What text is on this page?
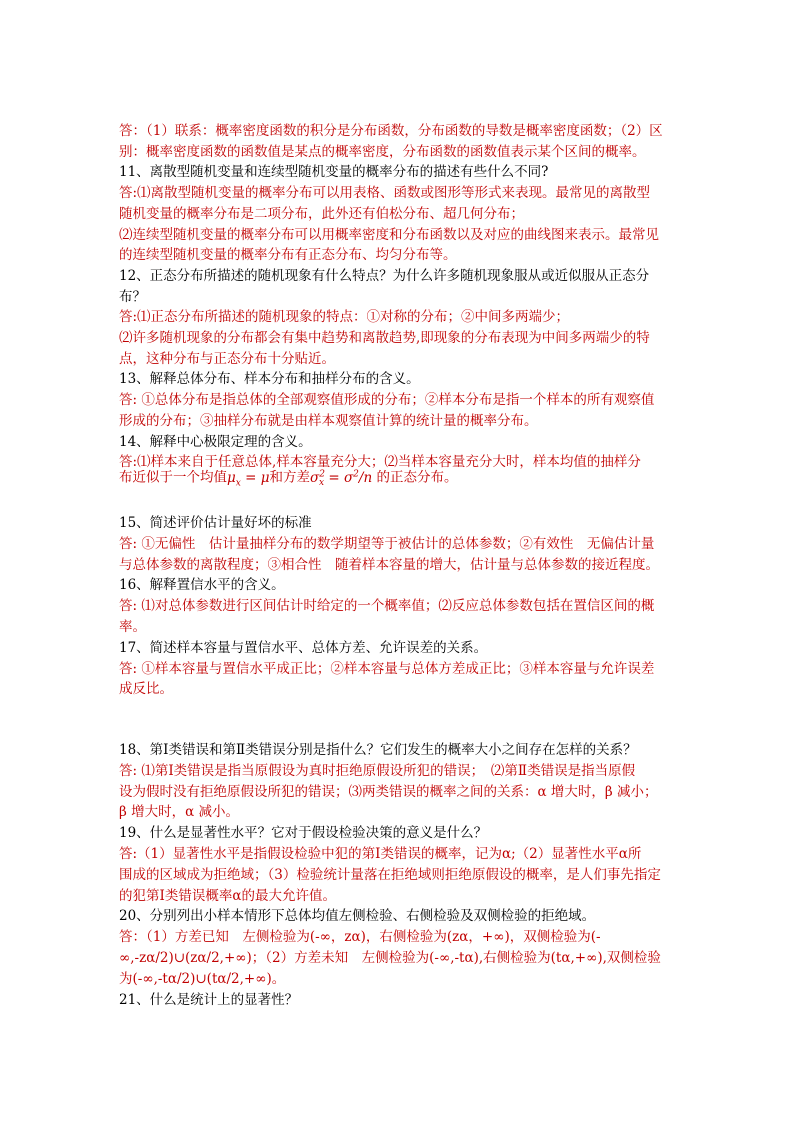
答：（1）联系：概率密度函数的积分是分布函数，分布函数的导数是概率密度函数；（2）区
别：概率密度函数的函数值是某点的概率密度，分布函数的函数值表示某个区间的概率。
11、离散型随机变量和连续型随机变量的概率分布的描述有些什么不同?
答:⑴离散型随机变量的概率分布可以用表格、函数或图形等形式来表现。最常见的离散型
随机变量的概率分布是二项分布，此外还有伯松分布、超几何分布；
⑵连续型随机变量的概率分布可以用概率密度和分布函数以及对应的曲线图来表示。最常见
的连续型随机变量的概率分布有正态分布、均匀分布等。
12、正态分布所描述的随机现象有什么特点？为什么许多随机现象服从或近似服从正态分
布？
答:⑴正态分布所描述的随机现象的特点：①对称的分布；②中间多两端少；
⑵许多随机现象的分布都会有集中趋势和离散趋势,即现象的分布表现为中间多两端少的特
点，这种分布与正态分布十分贴近。
13、解释总体分布、样本分布和抽样分布的含义。
答: ①总体分布是指总体的全部观察值形成的分布；②样本分布是指一个样本的所有观察值
形成的分布；③抽样分布就是由样本观察值计算的统计量的概率分布。
14、解释中心极限定理的含义。
答:⑴样本来自于任意总体,样本容量充分大；⑵当样本容量充分大时，样本均值的抽样分
布近似于一个均值$\mu_x = \mu$和方差$\sigma^2_x = \sigma^2/n$ 的正态分布。
15、简述评价估计量好坏的标准
答: ①无偏性　估计量抽样分布的数学期望等于被估计的总体参数；②有效性　无偏估计量
与总体参数的离散程度；③相合性　随着样本容量的增大，估计量与总体参数的接近程度。
16、解释置信水平的含义。
答: ⑴对总体参数进行区间估计时给定的一个概率值；⑵反应总体参数包括在置信区间的概
率。
17、简述样本容量与置信水平、总体方差、允许误差的关系。
答: ①样本容量与置信水平成正比；②样本容量与总体方差成正比；③样本容量与允许误差
成反比。
18、第Ⅰ类错误和第Ⅱ类错误分别是指什么？它们发生的概率大小之间存在怎样的关系？
答: ⑴第Ⅰ类错误是指当原假设为真时拒绝原假设所犯的错误；　⑵第Ⅱ类错误是指当原假
设为假时没有拒绝原假设所犯的错误；⑶两类错误的概率之间的关系：α 增大时，β 减小；
β 增大时，α 减小。
19、什么是显著性水平？它对于假设检验决策的意义是什么？
答:（1）显著性水平是指假设检验中犯的第Ⅰ类错误的概率，记为α;（2）显著性水平α所
围成的区域成为拒绝域；（3）检验统计量落在拒绝域则拒绝原假设的概率，是人们事先指定
的犯第Ⅰ类错误概率α的最大允许值。
20、分别列出小样本情形下总体均值左侧检验、右侧检验及双侧检验的拒绝域。
答：（1）方差已知　左侧检验为(-∞，zα)，右侧检验为(zα，+∞)，双侧检验为(-
∞,-zα/2)∪(zα/2,+∞)；（2）方差未知　左侧检验为(-∞,-tα),右侧检验为(tα,+∞),双侧检验
为(-∞,-tα/2)∪(tα/2,+∞)。
21、什么是统计上的显著性？
